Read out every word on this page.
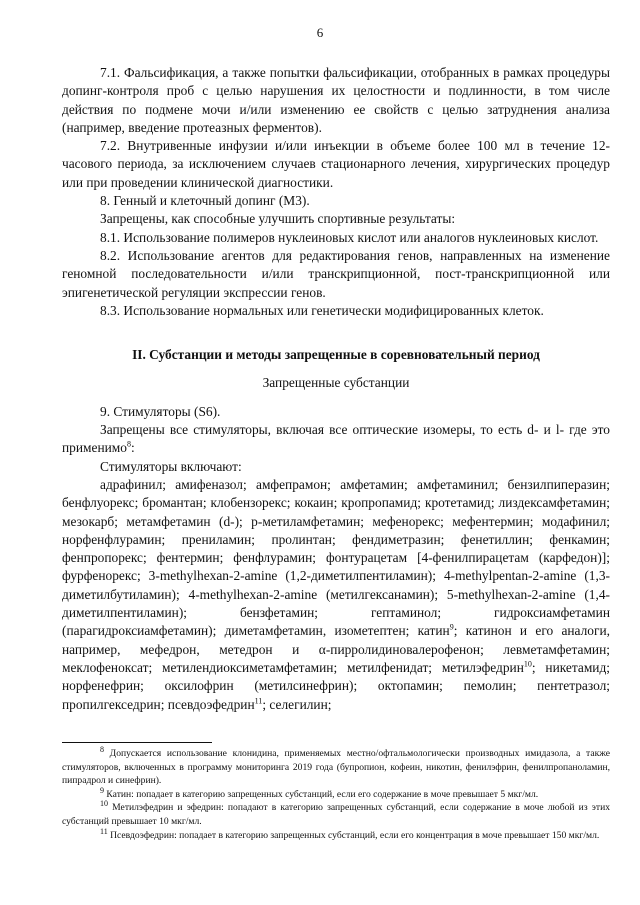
6

7.1. Фальсификация, а также попытки фальсификации, отобранных в рамках процедуры допинг-контроля проб с целью нарушения их целостности и подлинности, в том числе действия по подмене мочи и/или изменению ее свойств с целью затруднения анализа (например, введение протеазных ферментов).

7.2. Внутривенные инфузии и/или инъекции в объеме более 100 мл в течение 12-часового периода, за исключением случаев стационарного лечения, хирургических процедур или при проведении клинической диагностики.

8. Генный и клеточный допинг (М3).

Запрещены, как способные улучшить спортивные результаты:

8.1. Использование полимеров нуклеиновых кислот или аналогов нуклеиновых кислот.

8.2. Использование агентов для редактирования генов, направленных на изменение геномной последовательности и/или транскрипционной, пост-транскрипционной или эпигенетической регуляции экспрессии генов.

8.3. Использование нормальных или генетически модифицированных клеток.

II. Субстанции и методы запрещенные в соревновательный период

Запрещенные субстанции

9. Стимуляторы (S6).

Запрещены все стимуляторы, включая все оптические изомеры, то есть d- и l- где это применимо$^8$:

Стимуляторы включают:

адрафинил; амифеназол; амфепрамон; амфетамин; амфетаминил; бензилпиперазин; бенфлуорекс; бромантан; клобензорекс; кокаин; кропропамид; кротетамид; лиздексамфетамин; мезокарб; метамфетамин (d-); р-метиламфетамин; мефенорекс; мефентермин; модафинил; норфенфлурамин; прениламин; пролинтан; фендиметразин; фенетиллин; фенкамин; фенпропорекс; фентермин; фенфлурамин; фонтурацетам [4-фенилпирацетам (карфедон)]; фурфенорекс; 3-methylhexan-2-amine (1,2-диметилпентиламин); 4-methylpentan-2-amine (1,3-диметилбутиламин); 4-methylhexan-2-amine (метилгексанамин); 5-methylhexan-2-amine (1,4-диметилпентиламин); бензфетамин; гептаминол; гидроксиамфетамин (парагидроксиамфетамин); диметамфетамин, изометептен; катин$^9$; катинон и его аналоги, например, мефедрон, метедрон и α-пирролидиновалерофенон; левметамфетамин; меклофеноксат; метилендиоксиметамфетамин; метилфенидат; метилэфедрин$^{10}$; никетамид; норфенефрин; оксилофрин (метилсинефрин); октопамин; пемолин; пентетразол; пропилгекседрин; псевдоэфедрин$^{11}$; селегилин;

$^8$ Допускается использование клонидина, применяемых местно/офтальмологически производных имидазола, а также стимуляторов, включенных в программу мониторинга 2019 года (бупропион, кофеин, никотин, фенилэфрин, фенилпропаноламин, пипрадрол и синефрин).

$^9$ Катин: попадает в категорию запрещенных субстанций, если его содержание в моче превышает 5 мкг/мл.

$^{10}$ Метилэфедрин и эфедрин: попадают в категорию запрещенных субстанций, если содержание в моче любой из этих субстанций превышает 10 мкг/мл.

$^{11}$ Псевдоэфедрин: попадает в категорию запрещенных субстанций, если его концентрация в моче превышает 150 мкг/мл.
